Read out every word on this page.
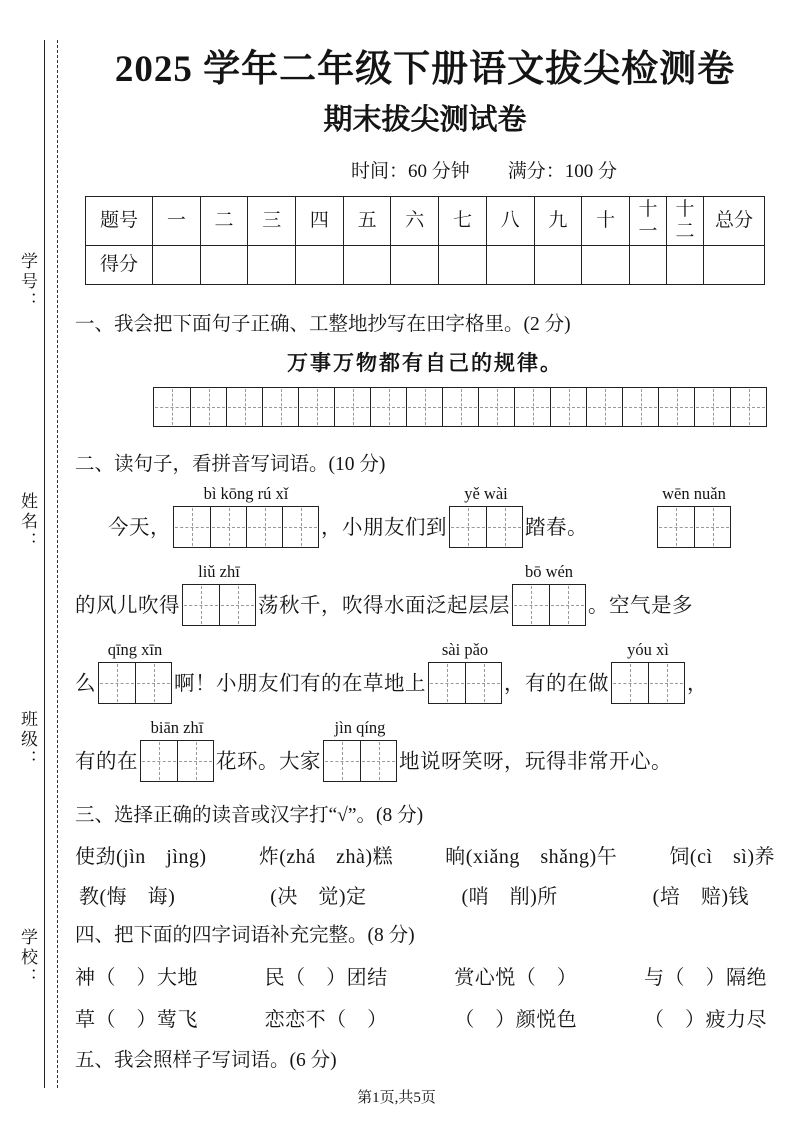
学号：
姓名：
班级：
学校：
2025 学年二年级下册语文拔尖检测卷
期末拔尖测试卷
时间：60 分钟　　满分：100 分
题号	一	二	三	四	五	六	七	八	九	十	十一	十二	总分
得分													
一、我会把下面句子正确、工整地抄写在田字格里。(2 分)
万事万物都有自己的规律。
二、读句子，看拼音写词语。(10 分)
今天，
bì kōng rú xǐ
，小朋友们到
yě wài
踏春。
wēn nuǎn
的风儿吹得
liǔ zhī
荡秋千，吹得水面泛起层层
bō wén
。空气是多
么
qīng xīn
啊！小朋友们有的在草地上
sài pǎo
，有的在做
yóu xì
，
有的在
biān zhī
花环。大家
jìn qíng
地说呀笑呀，玩得非常开心。
三、选择正确的读音或汉字打“√”。(8 分)
使劲(jìn　jìng)	炸(zhá　zhà)糕	晌(xiǎng　shǎng)午	饲(cì　sì)养
教(悔　诲)	(决　觉)定	(哨　削)所	(培　赔)钱
四、把下面的四字词语补充完整。(8 分)
神（　）大地	民（　）团结	赏心悦（　）	与（　）隔绝
草（　）莺飞	恋恋不（　）	（　）颜悦色	（　）疲力尽
五、我会照样子写词语。(6 分)
第1页,共5页
